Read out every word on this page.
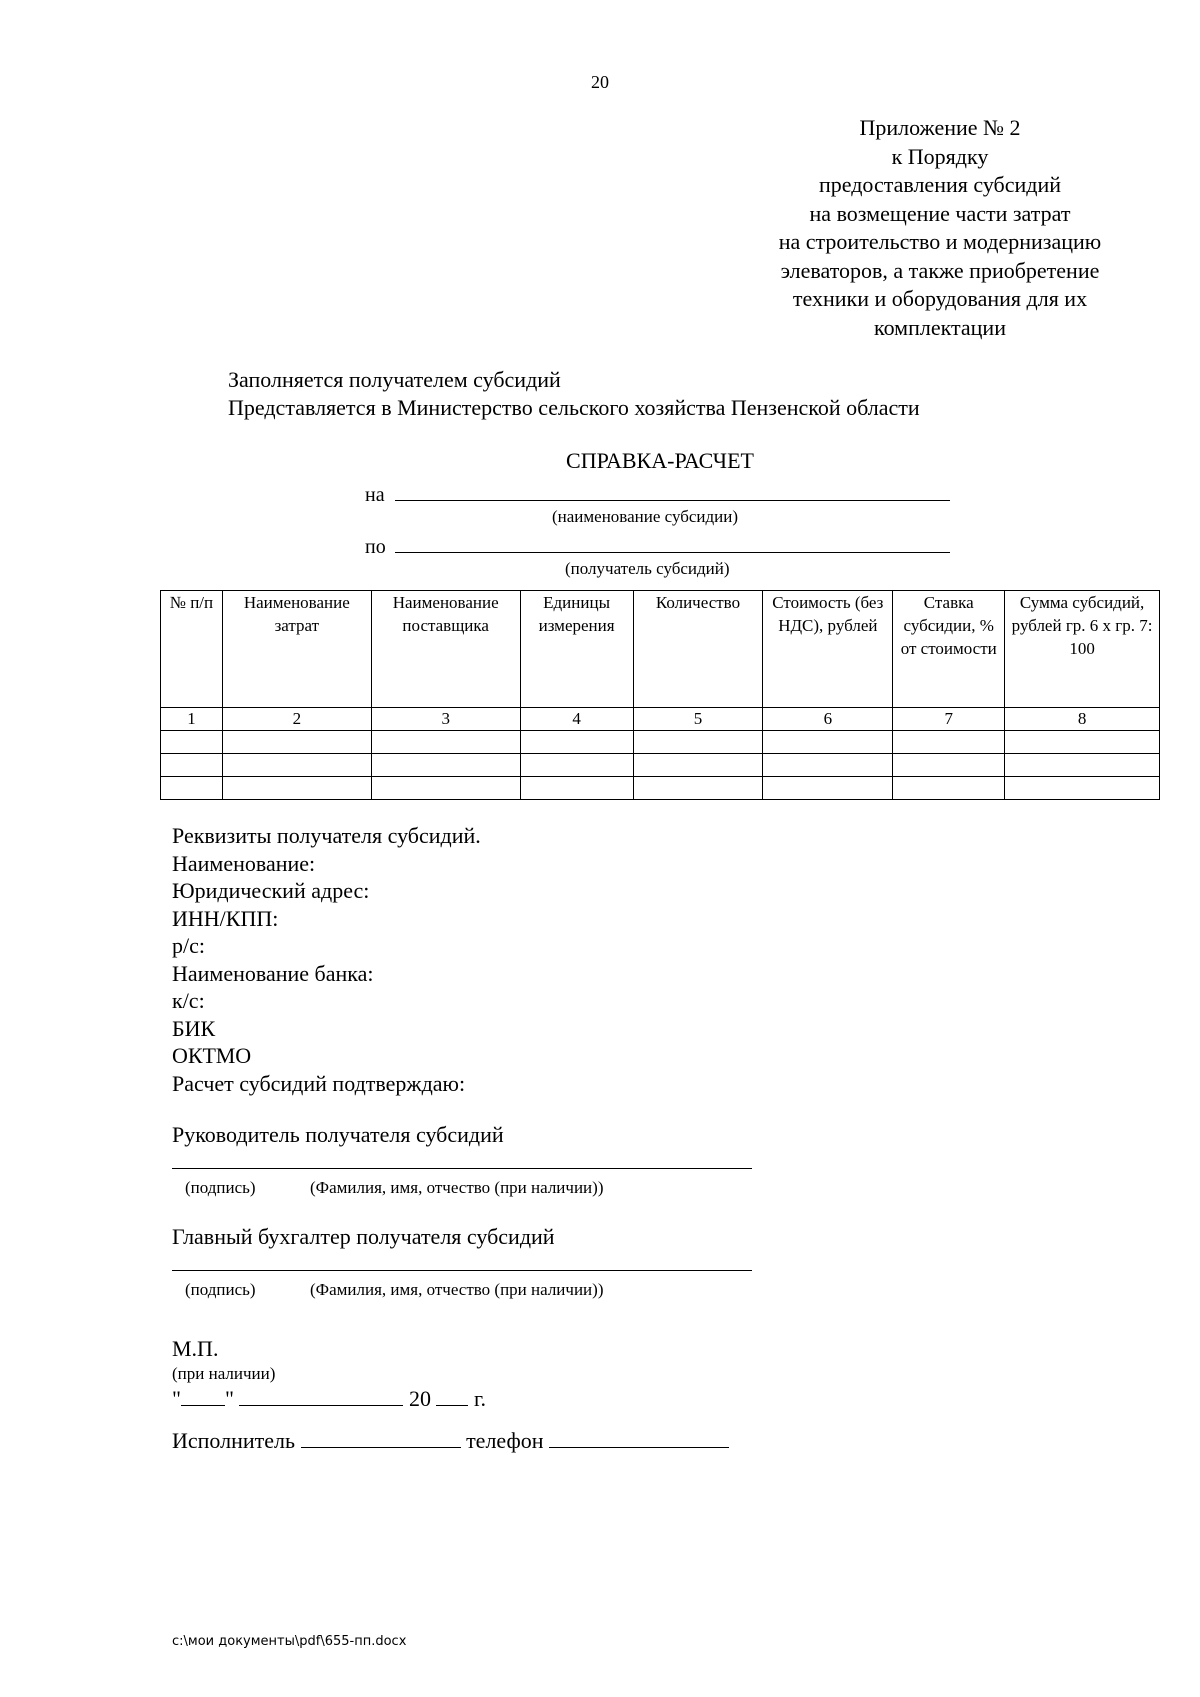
20
Приложение № 2
к Порядку
предоставления субсидий
на возмещение части затрат
на строительство и модернизацию
элеваторов, а также приобретение
техники и оборудования для их
комплектации
Заполняется получателем субсидий
Представляется в Министерство сельского хозяйства Пензенской области
СПРАВКА-РАСЧЕТ
на
(наименование субсидии)
по
(получатель субсидий)
№ п/п	Наименование затрат	Наименование поставщика	Единицы измерения	Количество	Стоимость (без НДС), рублей	Ставка субсидии, % от стоимости	Сумма субсидий, рублей гр. 6 х гр. 7: 100
1	2	3	4	5	6	7	8

Реквизиты получателя субсидий.
Наименование:
Юридический адрес:
ИНН/КПП:
р/с:
Наименование банка:
к/с:
БИК
ОКТМО
Расчет субсидий подтверждаю:
Руководитель получателя субсидий
(подпись)	(Фамилия, имя, отчество (при наличии))
Главный бухгалтер получателя субсидий
(подпись)	(Фамилия, имя, отчество (при наличии))
М.П.
(при наличии)
" "	20 г.
Исполнитель	телефон
c:\мои документы\pdf\655-пп.docx
